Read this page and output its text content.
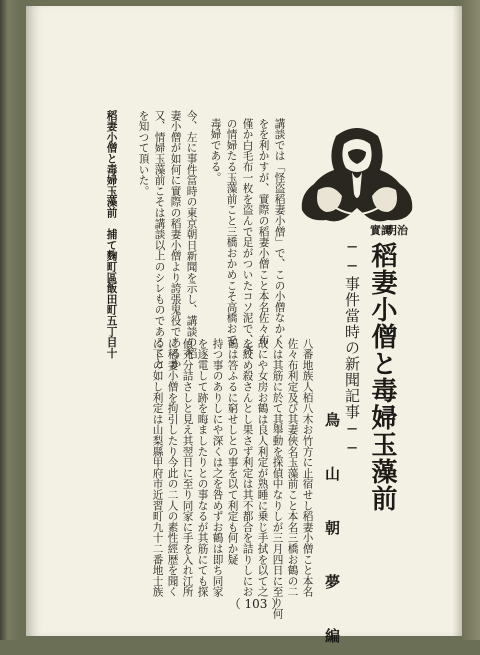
明治
實譚
稻妻小僧と毒婦玉藻前
──事件當時の新聞記事──
鳥　山　朝　夢　編
講談では「怪盗稻妻小僧」で、この小僧なかく
をを利かすが、實際の稻妻小僧こと本名佐々布
僅か白毛布一枚を盗んで足がついたコソ泥で、寄
の情婦たる玉藻前こと三橋おかめこそ高橋おで
毒婦である。
今、左に事件當時の東京朝日新聞を示し、講談の稻
妻小僧が如何に實際の稻妻小僧より誇張鬼役であるか
又、情婦玉藻前こそは講談以上のシレものであること
を知つて頂いた。
稻妻小僧と毒婦玉藻前　捕て麴町區飯田町五丁目十
八番地族人栢八木お竹方に止宿せし稻妻小僧こと本名
佐々布利定及び其妻俠名玉藻前こと本名三橋お鶴の二
人は其筋に於て其舉動を探偵中なりしが三月四日に至り何
故にや女房お鶴は良人利定が熟睡に乗じ手拭を以て之
を絞め殺さんとし果さず利定は其不都合を詰りしにお
鶴は答ふるに窮せしとの事を以て利定も何か疑
持つ事のありしにや深くは之を咎めずお鶴は即ち同家
を逐電して跡を晦ましたりとの事なるが其筋にても探
偵充分詰さしと見え其翌日に至り同家に手を入れ江所
に稻妻小僧を拘引したり今此の二人の素性經歴を聞く
に下の如し利定は山梨縣甲府市近習町九十二番地士族
（ 103 ）
